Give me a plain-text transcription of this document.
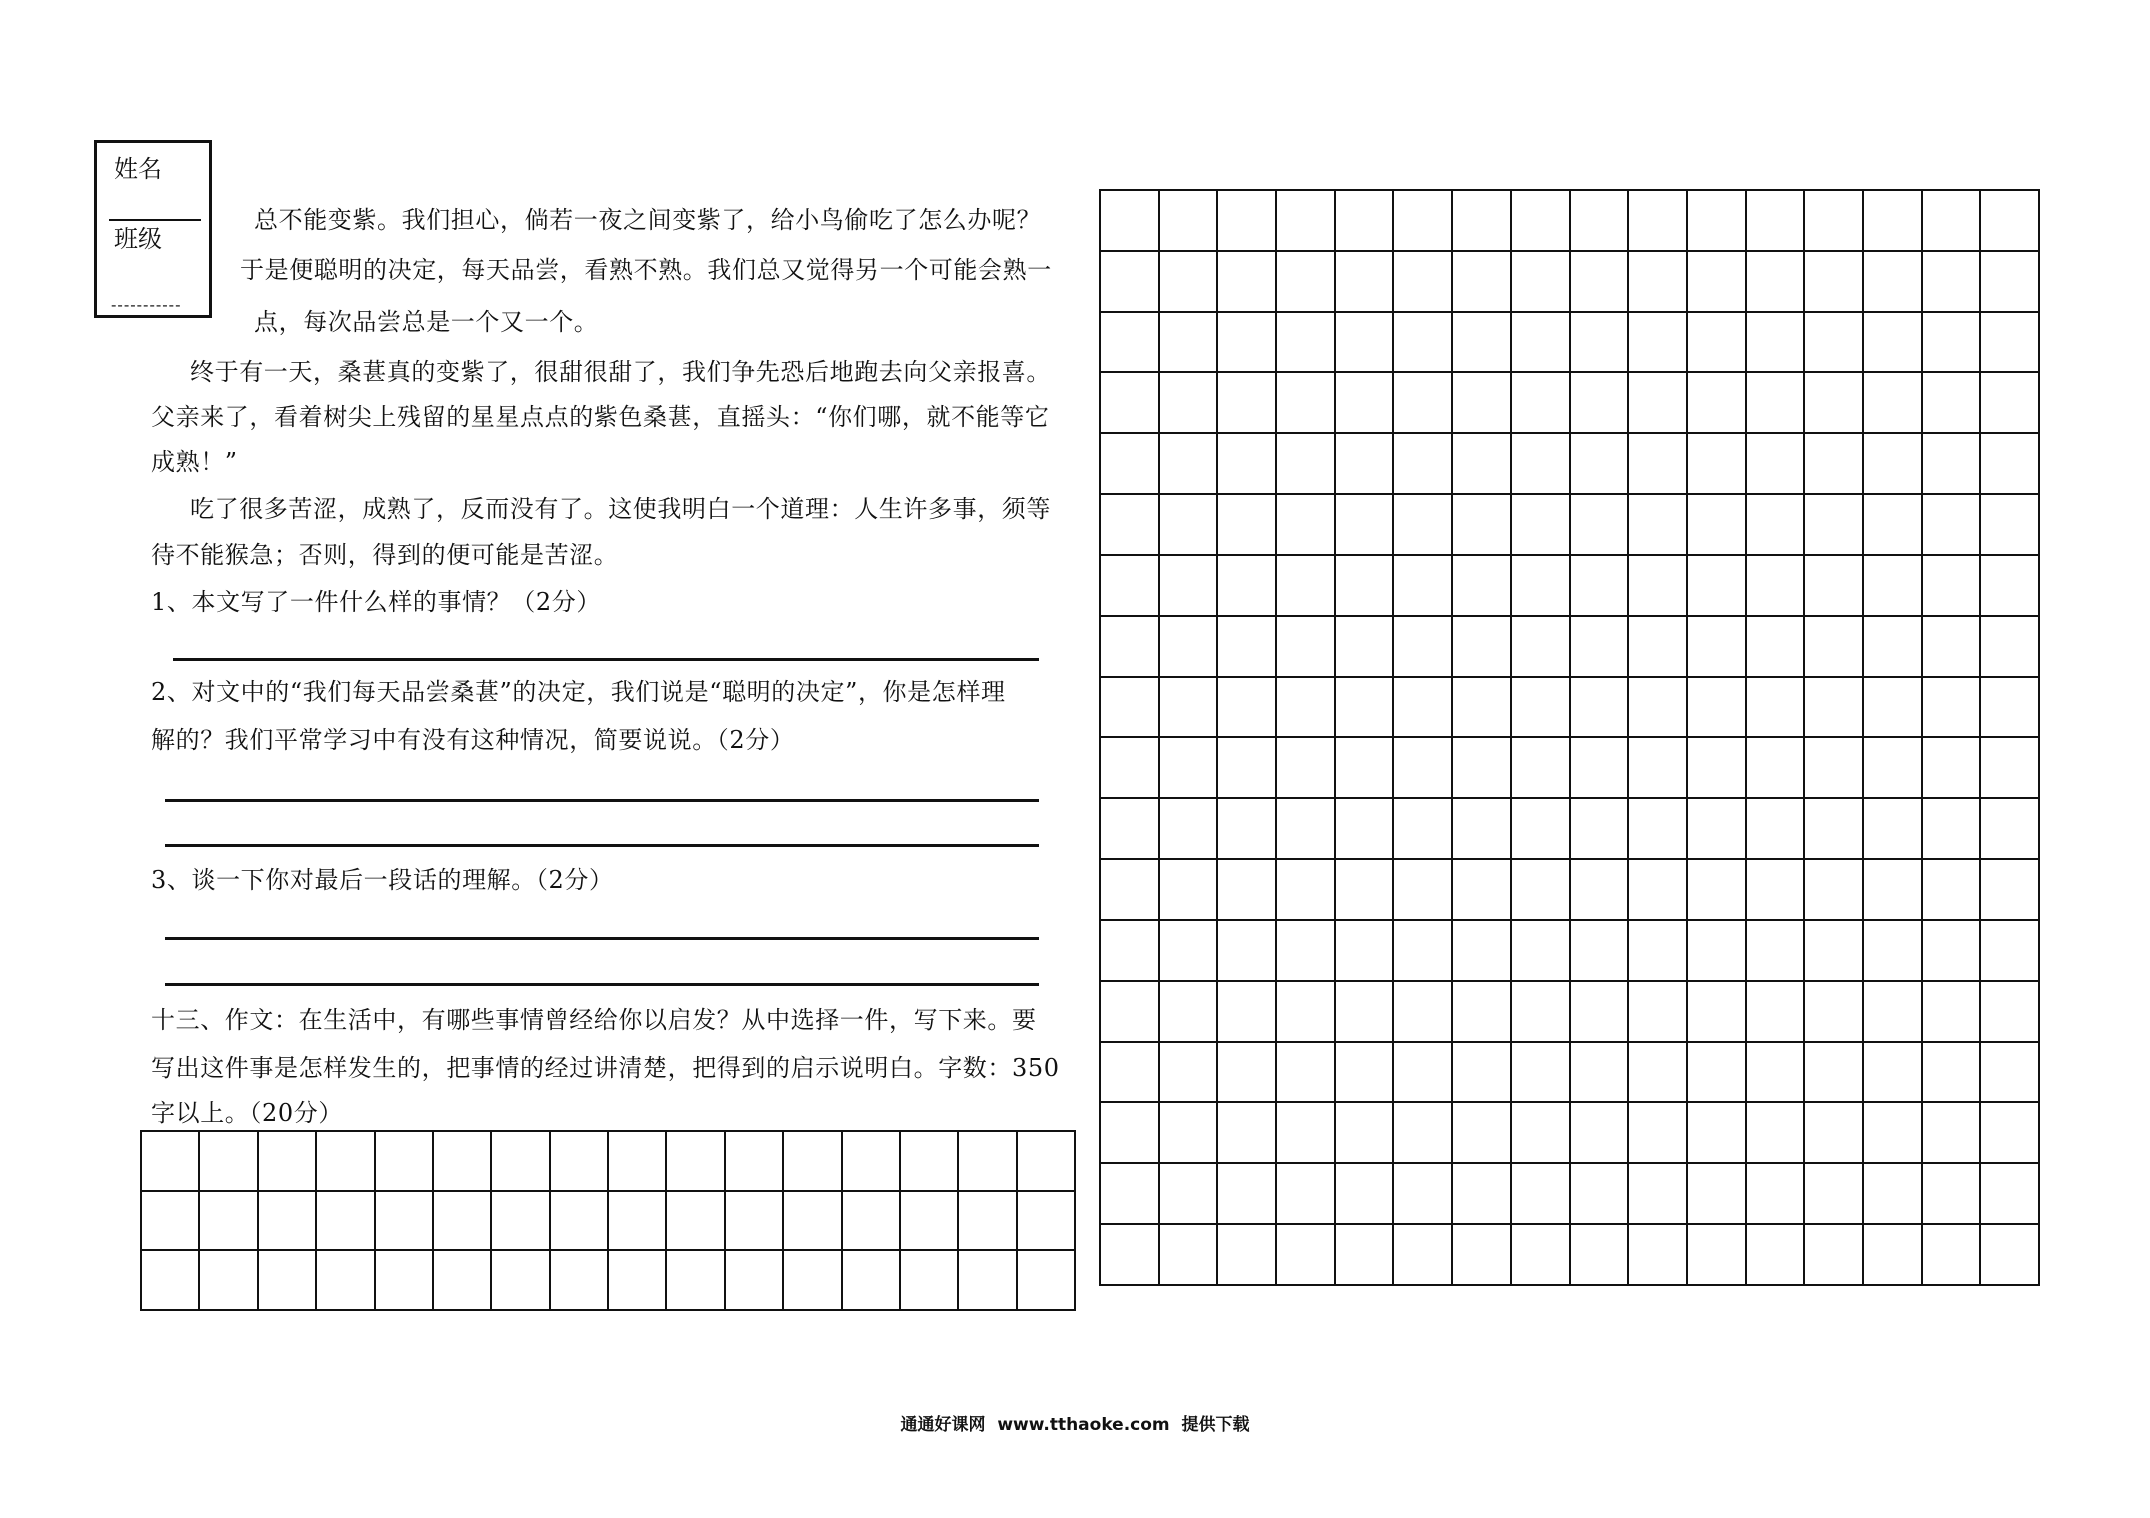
姓名
班级
-----------
总不能变紫。我们担心，倘若一夜之间变紫了，给小鸟偷吃了怎么办呢？
于是便聪明的决定，每天品尝，看熟不熟。我们总又觉得另一个可能会熟一
点，每次品尝总是一个又一个。
终于有一天，桑葚真的变紫了，很甜很甜了，我们争先恐后地跑去向父亲报喜。
父亲来了，看着树尖上残留的星星点点的紫色桑葚，直摇头：“你们哪，就不能等它
成熟！”
吃了很多苦涩，成熟了，反而没有了。这使我明白一个道理：人生许多事，须等
待不能猴急；否则，得到的便可能是苦涩。
1、本文写了一件什么样的事情？（2分）
2、对文中的“我们每天品尝桑葚”的决定，我们说是“聪明的决定”，你是怎样理
解的？我们平常学习中有没有这种情况，简要说说。（2分）
3、谈一下你对最后一段话的理解。（2分）
十三、作文：在生活中，有哪些事情曾经给你以启发？从中选择一件，写下来。要
写出这件事是怎样发生的，把事情的经过讲清楚，把得到的启示说明白。字数：350
字以上。（20分）
通通好课网  www.tthaoke.com  提供下载
